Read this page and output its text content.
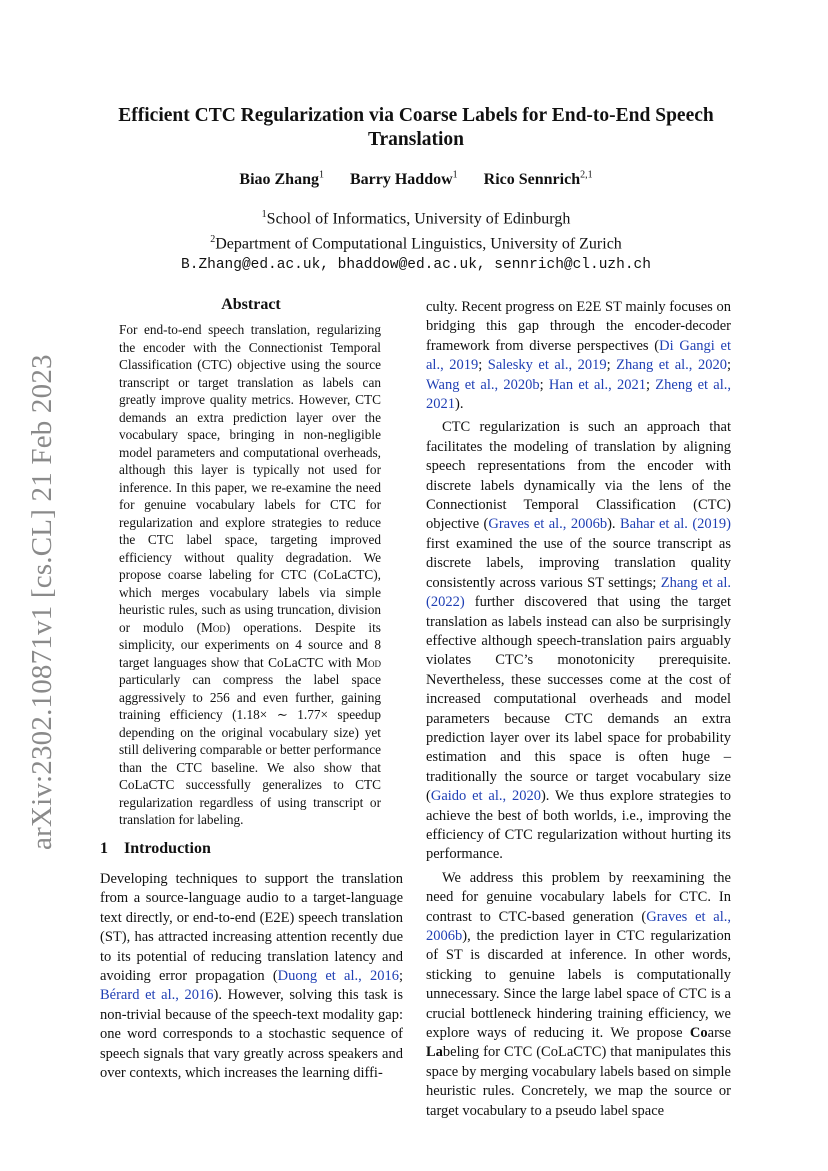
arXiv:2302.10871v1 [cs.CL] 21 Feb 2023
Efficient CTC Regularization via Coarse Labels for End-to-End Speech Translation
Biao Zhang$^1$ Barry Haddow$^1$ Rico Sennrich$^{2,1}$
$^1$School of Informatics, University of Edinburgh
$^2$Department of Computational Linguistics, University of Zurich
B.Zhang@ed.ac.uk, bhaddow@ed.ac.uk, sennrich@cl.uzh.ch
Abstract
For end-to-end speech translation, regularizing the encoder with the Connectionist Temporal Classification (CTC) objective using the source transcript or target translation as labels can greatly improve quality metrics. However, CTC demands an extra prediction layer over the vocabulary space, bringing in non-negligible model parameters and computational overheads, although this layer is typically not used for inference. In this paper, we re-examine the need for genuine vocabulary labels for CTC for regularization and explore strategies to reduce the CTC label space, targeting improved efficiency without quality degradation. We propose coarse labeling for CTC (CoLaCTC), which merges vocabulary labels via simple heuristic rules, such as using truncation, division or modulo (Mod) operations. Despite its simplicity, our experiments on 4 source and 8 target languages show that CoLaCTC with Mod particularly can compress the label space aggressively to 256 and even further, gaining training efficiency (1.18× ∼ 1.77× speedup depending on the original vocabulary size) yet still delivering comparable or better performance than the CTC baseline. We also show that CoLaCTC successfully generalizes to CTC regularization regardless of using transcript or translation for labeling.
1 Introduction
Developing techniques to support the translation from a source-language audio to a target-language text directly, or end-to-end (E2E) speech translation (ST), has attracted increasing attention recently due to its potential of reducing translation latency and avoiding error propagation (Duong et al., 2016; Bérard et al., 2016). However, solving this task is non-trivial because of the speech-text modality gap: one word corresponds to a stochastic sequence of speech signals that vary greatly across speakers and over contexts, which increases the learning diffi-

culty. Recent progress on E2E ST mainly focuses on bridging this gap through the encoder-decoder framework from diverse perspectives (Di Gangi et al., 2019; Salesky et al., 2019; Zhang et al., 2020; Wang et al., 2020b; Han et al., 2021; Zheng et al., 2021).

CTC regularization is such an approach that facilitates the modeling of translation by aligning speech representations from the encoder with discrete labels dynamically via the lens of the Connectionist Temporal Classification (CTC) objective (Graves et al., 2006b). Bahar et al. (2019) first examined the use of the source transcript as discrete labels, improving translation quality consistently across various ST settings; Zhang et al. (2022) further discovered that using the target translation as labels instead can also be surprisingly effective although speech-translation pairs arguably violates CTC’s monotonicity prerequisite. Nevertheless, these successes come at the cost of increased computational overheads and model parameters because CTC demands an extra prediction layer over its label space for probability estimation and this space is often huge – traditionally the source or target vocabulary size (Gaido et al., 2020). We thus explore strategies to achieve the best of both worlds, i.e., improving the efficiency of CTC regularization without hurting its performance.

We address this problem by reexamining the need for genuine vocabulary labels for CTC. In contrast to CTC-based generation (Graves et al., 2006b), the prediction layer in CTC regularization of ST is discarded at inference. In other words, sticking to genuine labels is computationally unnecessary. Since the large label space of CTC is a crucial bottleneck hindering training efficiency, we explore ways of reducing it. We propose Coarse Labeling for CTC (CoLaCTC) that manipulates this space by merging vocabulary labels based on simple heuristic rules. Concretely, we map the source or target vocabulary to a pseudo label space
